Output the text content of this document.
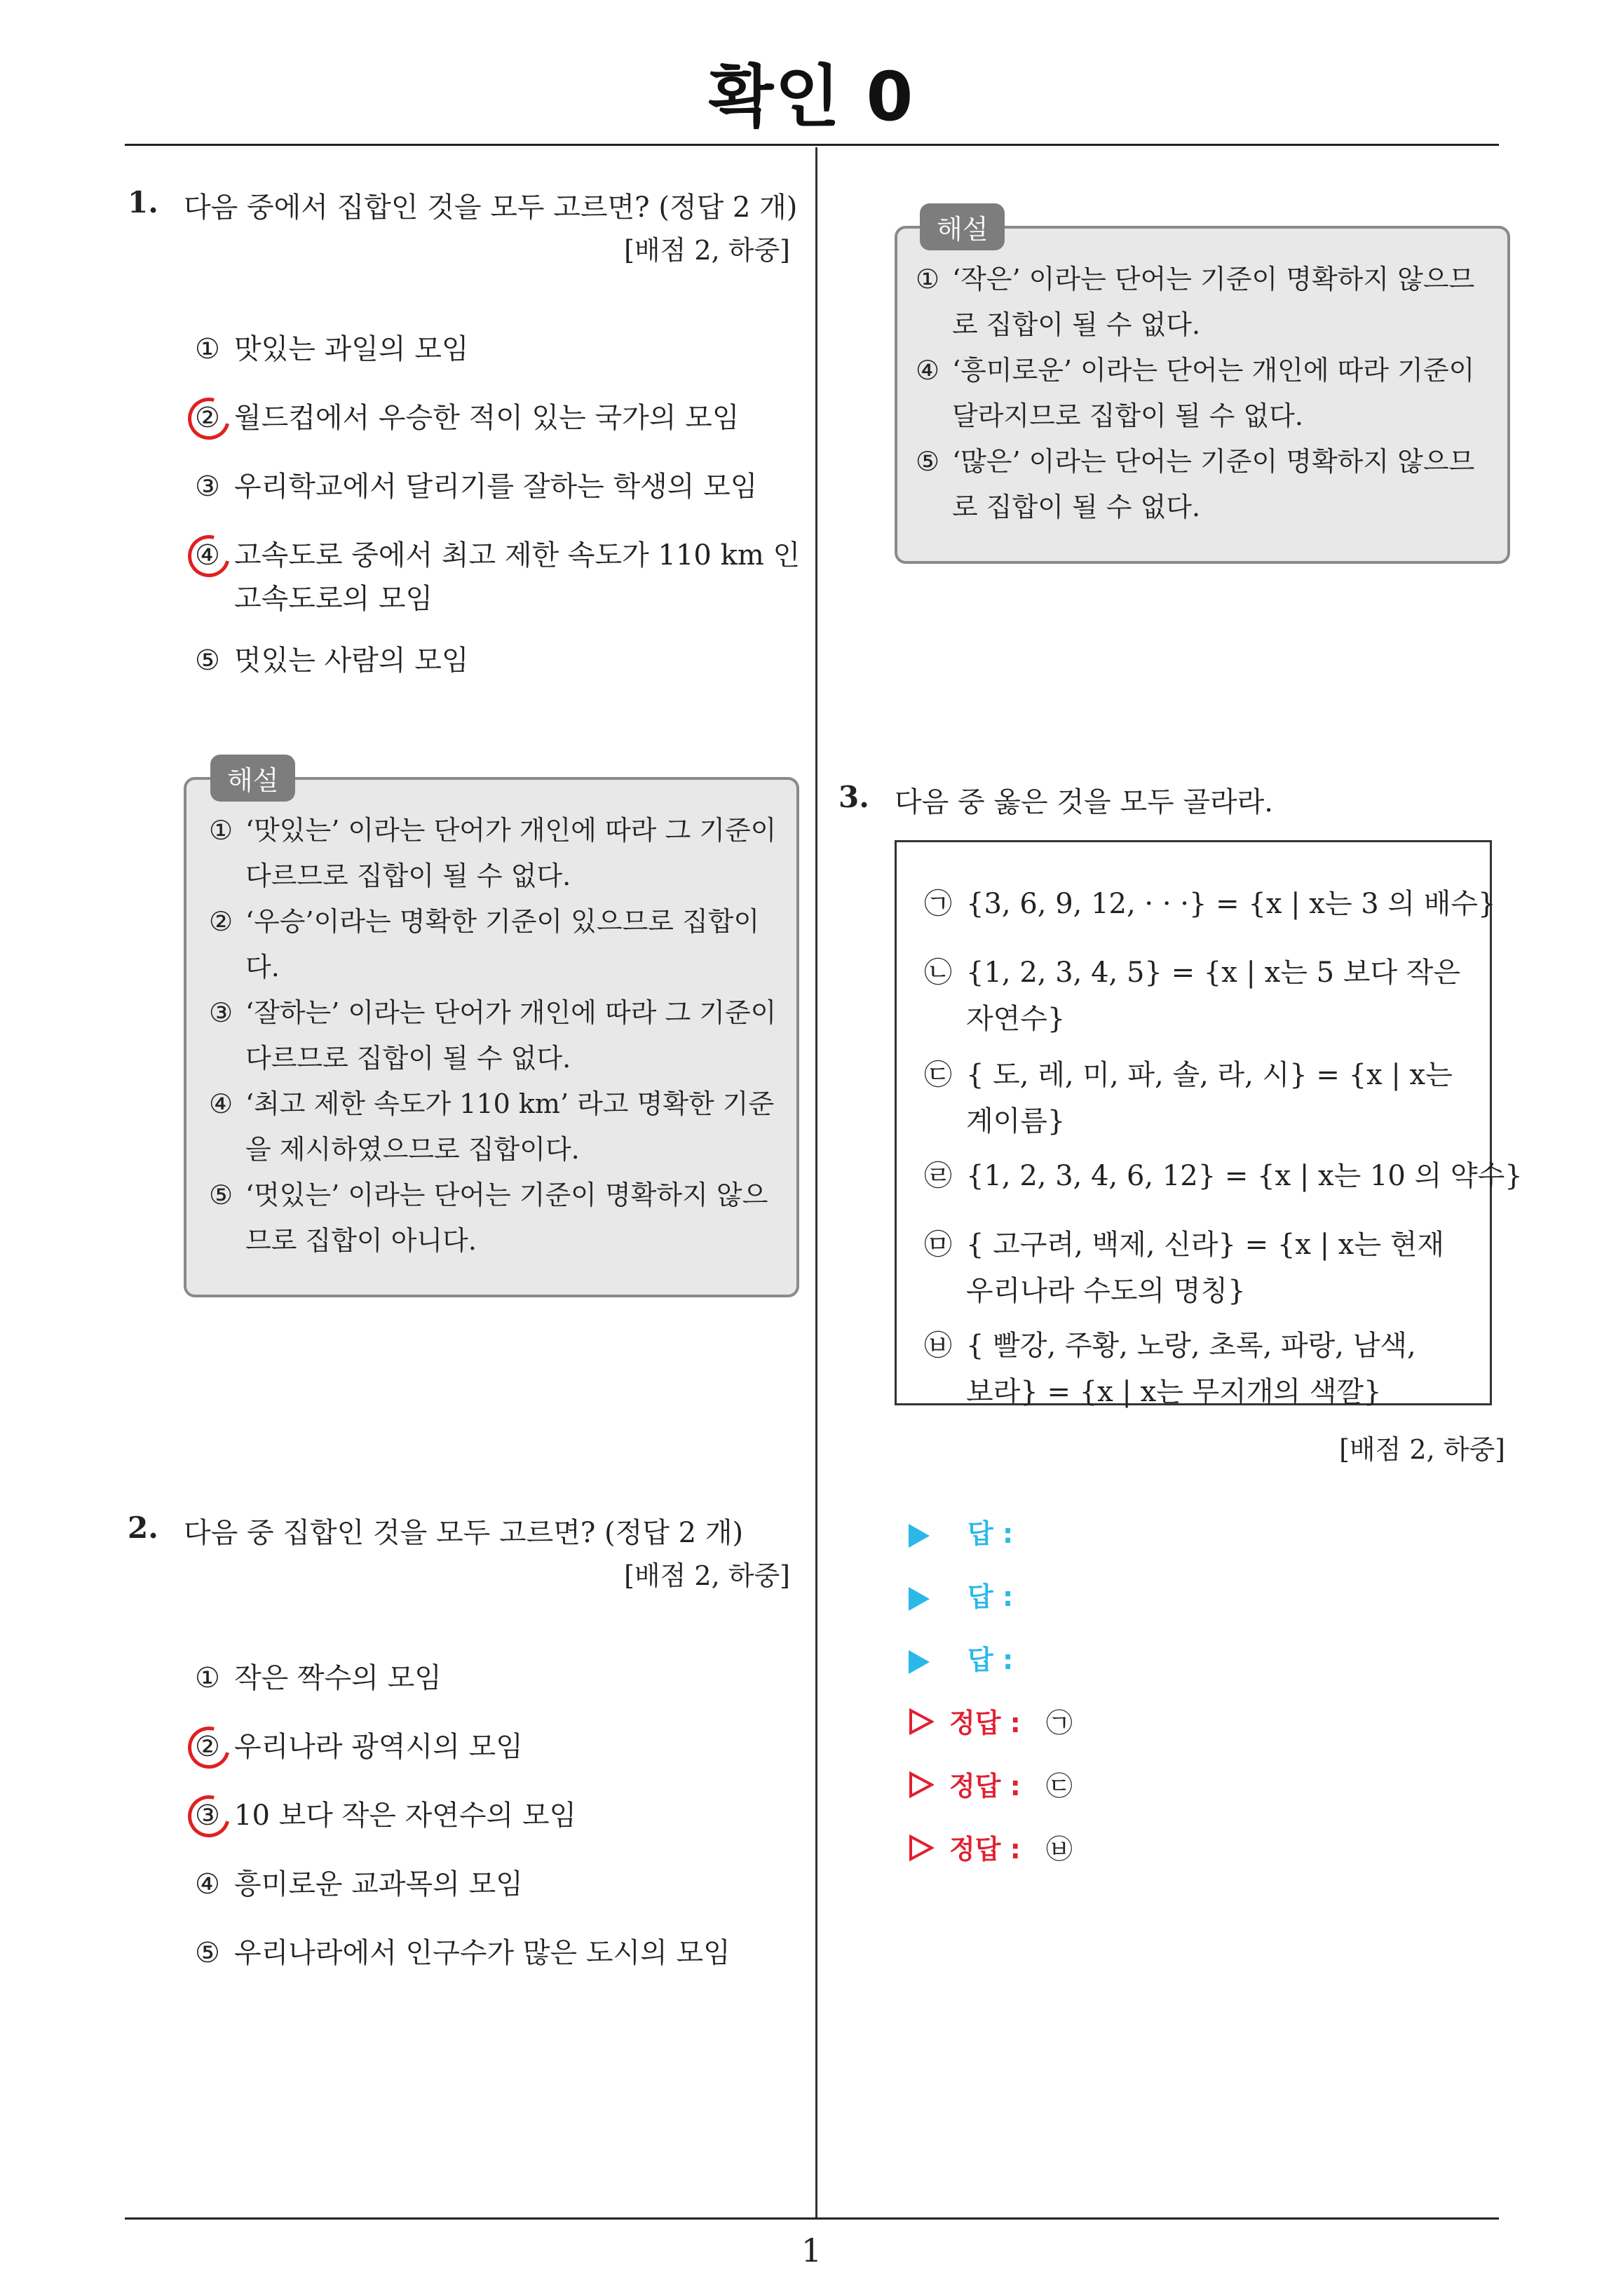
확인 0
1
1. 다음 중에서 집합인 것을 모두 고르면? (정답 2 개)
[배점 2, 하중]
① 맛있는 과일의 모임
② 월드컵에서 우승한 적이 있는 국가의 모임
③ 우리학교에서 달리기를 잘하는 학생의 모임
④ 고속도로 중에서 최고 제한 속도가 110 km 인
고속도로의 모임
⑤ 멋있는 사람의 모임
해설
① ‘맛있는’ 이라는 단어가 개인에 따라 그 기준이
다르므로 집합이 될 수 없다.
② ‘우승’이라는 명확한 기준이 있으므로 집합이
다.
③ ‘잘하는’ 이라는 단어가 개인에 따라 그 기준이
다르므로 집합이 될 수 없다.
④ ‘최고 제한 속도가 110 km’ 라고 명확한 기준
을 제시하였으므로 집합이다.
⑤ ‘멋있는’ 이라는 단어는 기준이 명확하지 않으
므로 집합이 아니다.
2. 다음 중 집합인 것을 모두 고르면? (정답 2 개)
[배점 2, 하중]
① 작은 짝수의 모임
② 우리나라 광역시의 모임
③ 10 보다 작은 자연수의 모임
④ 흥미로운 교과목의 모임
⑤ 우리나라에서 인구수가 많은 도시의 모임
해설
① ‘작은’ 이라는 단어는 기준이 명확하지 않으므
로 집합이 될 수 없다.
④ ‘흥미로운’ 이라는 단어는 개인에 따라 기준이
달라지므로 집합이 될 수 없다.
⑤ ‘많은’ 이라는 단어는 기준이 명확하지 않으므
로 집합이 될 수 없다.
3. 다음 중 옳은 것을 모두 골라라.
㉠ {3, 6, 9, 12, · · ·} = {x | x는 3 의 배수}
㉡ {1, 2, 3, 4, 5} = {x | x는 5 보다 작은
자연수}
㉢ { 도, 레, 미, 파, 솔, 라, 시} = {x | x는
계이름}
㉣ {1, 2, 3, 4, 6, 12} = {x | x는 10 의 약수}
㉤ { 고구려, 백제, 신라} = {x | x는 현재
우리나라 수도의 명칭}
㉥ { 빨강, 주황, 노랑, 초록, 파랑, 남색,
보라} = {x | x는 무지개의 색깔}
[배점 2, 하중]
답 :
답 :
답 :
정답 : ㉠
정답 : ㉢
정답 : ㉥
